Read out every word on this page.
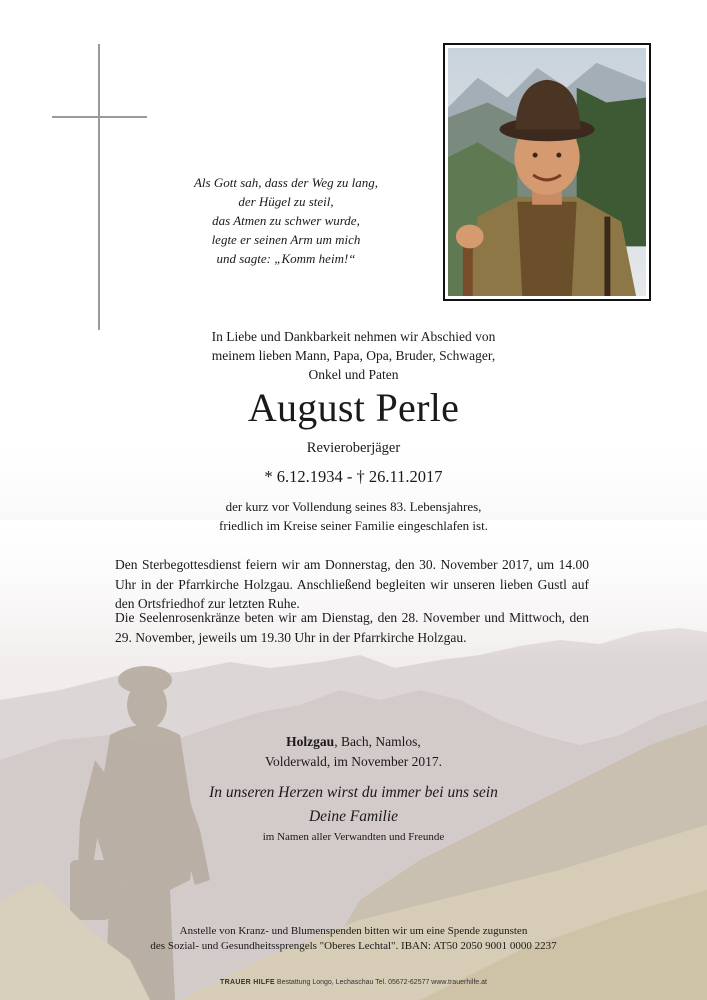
Als Gott sah, dass der Weg zu lang,
der Hügel zu steil,
das Atmen zu schwer wurde,
legte er seinen Arm um mich
und sagte: „Komm heim!“
In Liebe und Dankbarkeit nehmen wir Abschied von
meinem lieben Mann, Papa, Opa, Bruder, Schwager,
Onkel und Paten
August Perle
Revieroberjäger
* 6.12.1934 - † 26.11.2017
der kurz vor Vollendung seines 83. Lebensjahres,
friedlich im Kreise seiner Familie eingeschlafen ist.
Den Sterbegottesdienst feiern wir am Donnerstag, den 30. November 2017, um 14.00 Uhr in der Pfarrkirche Holzgau. Anschließend begleiten wir unseren lieben Gustl auf den Ortsfriedhof zur letzten Ruhe.
Die Seelenrosenkränze beten wir am Dienstag, den 28. November und Mittwoch, den 29. November, jeweils um 19.30 Uhr in der Pfarrkirche Holzgau.
Holzgau, Bach, Namlos,
Volderwald, im November 2017.
In unseren Herzen wirst du immer bei uns sein
Deine Familie
im Namen aller Verwandten und Freunde
Anstelle von Kranz- und Blumenspenden bitten wir um eine Spende zugunsten
des Sozial- und Gesundheitssprengels "Oberes Lechtal". IBAN: AT50 2050 9001 0000 2237
TRAUER HILFE Bestattung Longo, Lechaschau Tel. 05672-62577 www.trauerhilfe.at
